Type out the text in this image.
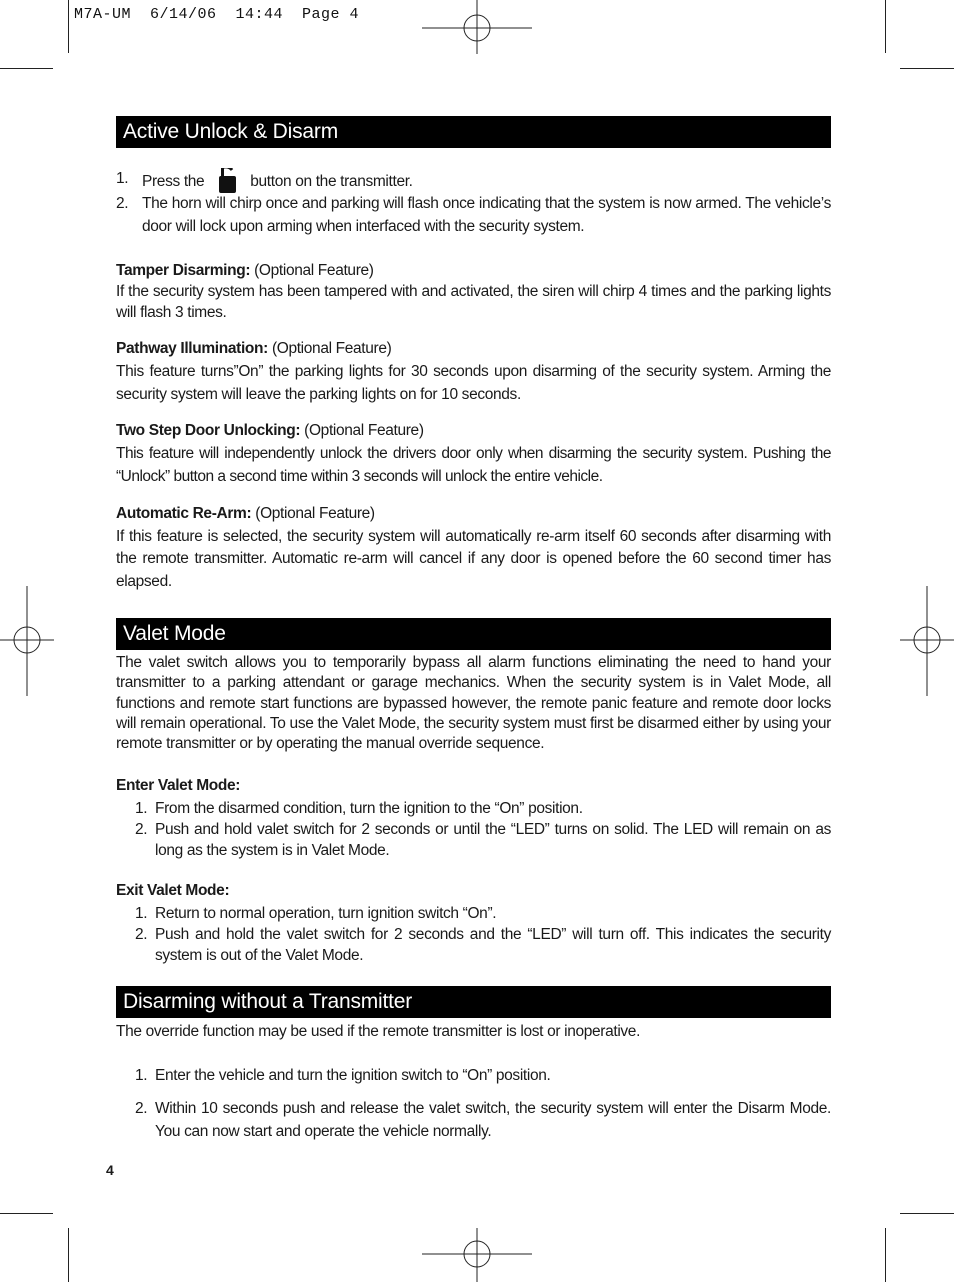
M7A-UM  6/14/06  14:44  Page 4
Active Unlock & Disarm
1. Press the	button on the transmitter.
2. The horn will chirp once and parking will flash once indicating that the system is now armed. The vehicle’s door will lock upon arming when interfaced with the security system.

Tamper Disarming: (Optional Feature)

If the security system has been tampered with and activated, the siren will chirp 4 times and the parking lights will flash 3 times.

Pathway Illumination: (Optional Feature)

This feature turns”On” the parking lights for 30 seconds upon disarming of the security system. Arming the security system will leave the parking lights on for 10 seconds.

Two Step Door Unlocking: (Optional Feature)

This feature will independently unlock the drivers door only when disarming the security system. Pushing the “Unlock” button a second time within 3 seconds will unlock the entire vehicle.

Automatic Re-Arm: (Optional Feature)

If this feature is selected, the security system will automatically re-arm itself 60 seconds after disarming with the remote transmitter. Automatic re-arm will cancel if any door is opened before the 60 second timer has elapsed.

Valet Mode
The valet switch allows you to temporarily bypass all alarm functions eliminating the need to hand your transmitter to a parking attendant or garage mechanics. When the security system is in Valet Mode, all functions and remote start functions are bypassed however, the remote panic feature and remote door locks will remain operational. To use the Valet Mode, the security system must first be disarmed either by using your remote transmitter or by operating the manual override sequence.

Enter Valet Mode:

1. From the disarmed condition, turn the ignition to the “On” position.
2. Push and hold valet switch for 2 seconds or until the “LED” turns on solid. The LED will remain on as long as the system is in Valet Mode.

Exit Valet Mode:

1. Return to normal operation, turn ignition switch “On”.
2. Push and hold the valet switch for 2 seconds and the “LED” will turn off. This indicates the security system is out of the Valet Mode.
Disarming without a Transmitter
The override function may be used if the remote transmitter is lost or inoperative.
1. Enter the vehicle and turn the ignition switch to “On” position.
2. Within 10 seconds push and release the valet switch, the security system will enter the Disarm Mode. You can now start and operate the vehicle normally.
4
